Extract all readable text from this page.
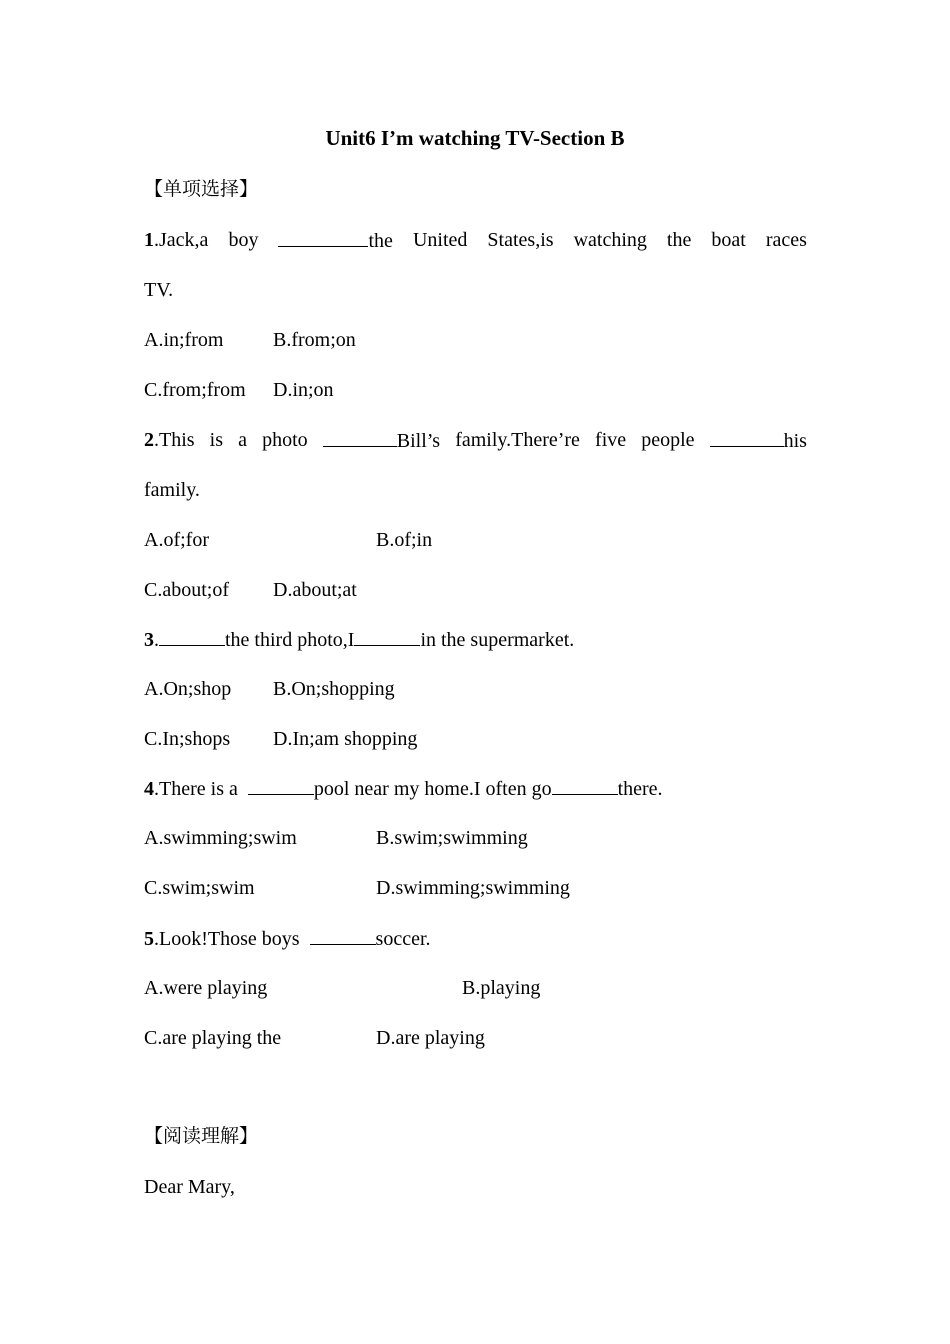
Unit6 I’m watching TV-Section B
【单项选择】
1.Jack,a boy	the United States,is watching the boat races
TV.
A.in;from B.from;on
C.from;from D.in;on
2.This is a photo	Bill’s family.There’re five people	his
family.
A.of;for	B.of;in
C.about;of D.about;at
3.	the third photo,I	in the supermarket.
A.On;shop B.On;shopping
C.In;shops D.In;am shopping
4.There is a	pool near my home.I often go	there.
A.swimming;swim	B.swim;swimming
C.swim;swim	D.swimming;swimming
5.Look!Those boys	soccer.
A.were playing	B.playing
C.are playing the	D.are playing
【阅读理解】
Dear Mary,
